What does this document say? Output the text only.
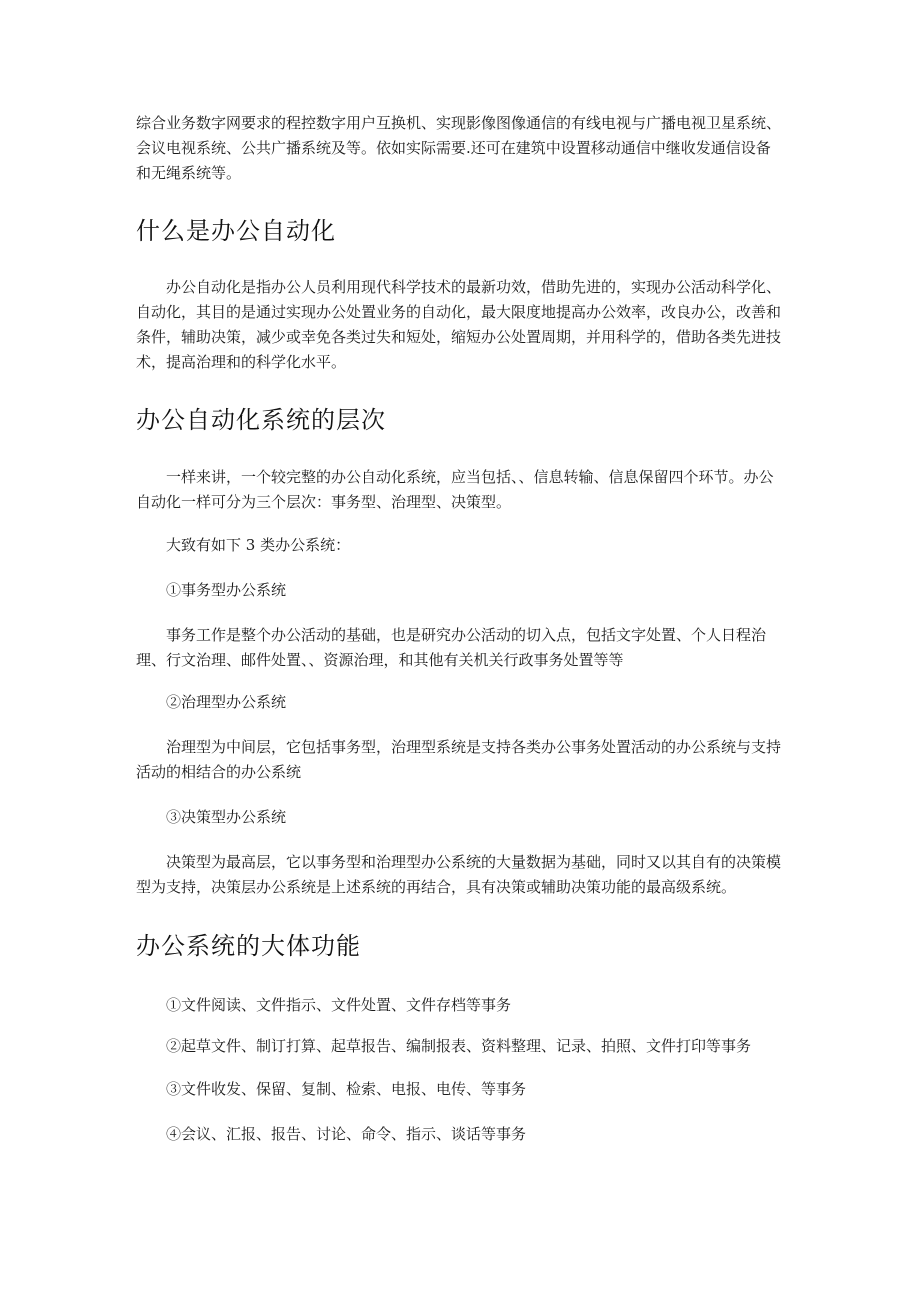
综合业务数字网要求的程控数字用户互换机、实现影像图像通信的有线电视与广播电视卫星系统、会议电视系统、公共广播系统及等。依如实际需要.还可在建筑中设置移动通信中继收发通信设备和无绳系统等。

什么是办公自动化

办公自动化是指办公人员利用现代科学技术的最新功效，借助先进的，实现办公活动科学化、自动化，其目的是通过实现办公处置业务的自动化，最大限度地提高办公效率，改良办公，改善和条件，辅助决策，减少或幸免各类过失和短处，缩短办公处置周期，并用科学的，借助各类先进技术，提高治理和的科学化水平。

办公自动化系统的层次

一样来讲，一个较完整的办公自动化系统，应当包括、、信息转输、信息保留四个环节。办公自动化一样可分为三个层次：事务型、治理型、决策型。

大致有如下 3 类办公系统：

①事务型办公系统

事务工作是整个办公活动的基础，也是研究办公活动的切入点，包括文字处置、个人日程治理、行文治理、邮件处置、、资源治理，和其他有关机关行政事务处置等等

②治理型办公系统

治理型为中间层，它包括事务型，治理型系统是支持各类办公事务处置活动的办公系统与支持活动的相结合的办公系统

③决策型办公系统

决策型为最高层，它以事务型和治理型办公系统的大量数据为基础，同时又以其自有的决策模型为支持，决策层办公系统是上述系统的再结合，具有决策或辅助决策功能的最高级系统。

办公系统的大体功能

①文件阅读、文件指示、文件处置、文件存档等事务

②起草文件、制订打算、起草报告、编制报表、资料整理、记录、拍照、文件打印等事务

③文件收发、保留、复制、检索、电报、电传、等事务

④会议、汇报、报告、讨论、命令、指示、谈话等事务
